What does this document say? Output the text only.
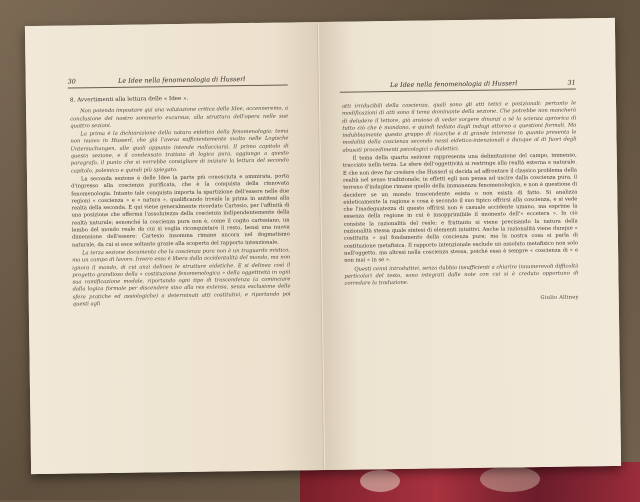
30	Le Idee nella fenomenologia di Husserl
8. Avvertimenti alla lettura delle « Idee ».

Non potendo impostare qui una valutazione critica delle Idee, accenneremo, a conclusione del nostro sommario excursus, alla struttura dell'opera nelle sue quattro sezioni.

La prima è la dichiarazione della natura eidetica della fenomenologia: tema non nuovo in Husserl, che già l'aveva sufficientemente svolto nelle Logische Untersuchungen, alle quali appunto intende riallacciarsi. Il primo capitolo di questa sezione, e il condensato trattato di logica pura, aggiungo a questo paragrafo, il punto che si vorrebbe consigliare di iniziare la lettura del secondo capitolo, polemico e quindi più spiegato.

La seconda sezione è delle Idee la parte più conosciuta e ammirata, porta d'ingresso alla coscienza purificata, che è la conquista della rinnovata fenomenologia. Intanto tale conquista importa la spartizione dell'essere nelle due regioni « coscienza » e « natura », qualificando irreale la prima in antitesi alla realtà della seconda. E qui viene generalmente ricordato Cartesio, per l'affinità di una posizione che afferma l'assolutezza della coscienza indipendentemente della realtà naturale; senonché la coscienza pura non è, come il cogito cartesiano, un lembo del mondo reale da cui si voglia riconquistare il resto, bensì una nuova dimensione dell'essere: Cartesio insomma rimane ancora nel dogmatismo naturale, da cui si esce soltanto grazie alla scoperta del rapporto intenzionale.

La terza sezione documenta che la coscienza pura non è un traguardo mistico, ma un campo di lavoro. Invero essa è libera dalla accidentalità del mondo, ma non ignora il mondo, di cui anzi delinea le strutture eidetiche. E si delinea così il progetto grandioso della « costituzione fenomenologica » della oggettività in ogni sua ramificazione modale, riportando ogni tipo di trascendenza (a cominciare dalla logica formale per discendere sino alla res extensa, senza esclusione delle sfere pratiche ed assiologiche) a determinati atti costitutivi, e riportando poi questi agli

Le Idee nella fenomenologia di Husserl	31

atti irriducibili della coscienza, quali sono gli atti tetici e posizionali: pertanto le modificazioni di atti sono il tema dominante della sezione. Che potrebbe non mancherà di deludere il lettore, già ansioso di veder sorgere dinanzi a sé la scienza apriorica di tutto ciò che è mondano, e quindi tediato dagli indugi attorno a questioni formali. Ma indubbiamente questo gruppo di ricerche è di grande interesse in quanto presenta le modalità della coscienza secondo nessi eidetico-intenzionali e dunque al di fuori degli abusati procedimenti psicologici o dialettici.

Il tema della quarta sezione rappresenta una delimitazione del campo, immenso, tracciato nella terza. Le sfere dell'oggettività si restringe alla realtà esterna e naturale. E che non deve far credere che Husserl si decida ad affrontare il classico problema della realtà nel senso tradizionale; in effetti egli non pensa ad uscire dalla coscienza pura, il terreno d'indagine rimane quello della immanenza fenomenologica, e non è questione di decidere se un mondo trascendente esista o non esista di fatto. Si analizza eideticamente la ragione e cosa è secondo il suo tipico offrirsi alla coscienza, e si vede che l'inadeguatezza di questo offrirsi non è casuale accidente umano, ma esprime la essenza della regione in cui è insopprimibile il momento dell'« eccetera ». In ciò consiste la razionalità del reale; e frattanto si viene precisando la natura della razionalità stessa quale sintesi di elementi intuitivi. Anche la razionalità viene dunque « costituita » sul fondamento della coscienza pura; ma la nostra cosa si parla di costituzione metafisica. Il rapporto intenzionale esclude un assoluto metafisico non solo nell'oggetto, ma altresì nella coscienza stessa, poiché essa è sempre « coscienza di » e non mai « in sé ».

Questi cenni introduttivi, senza dubbio insufficienti a chiarire innumerevoli difficoltà particolari del testo, sono integrati dalle note con cui si è creduto opportuno di corredare la traduzione.

Giulio Alliney
